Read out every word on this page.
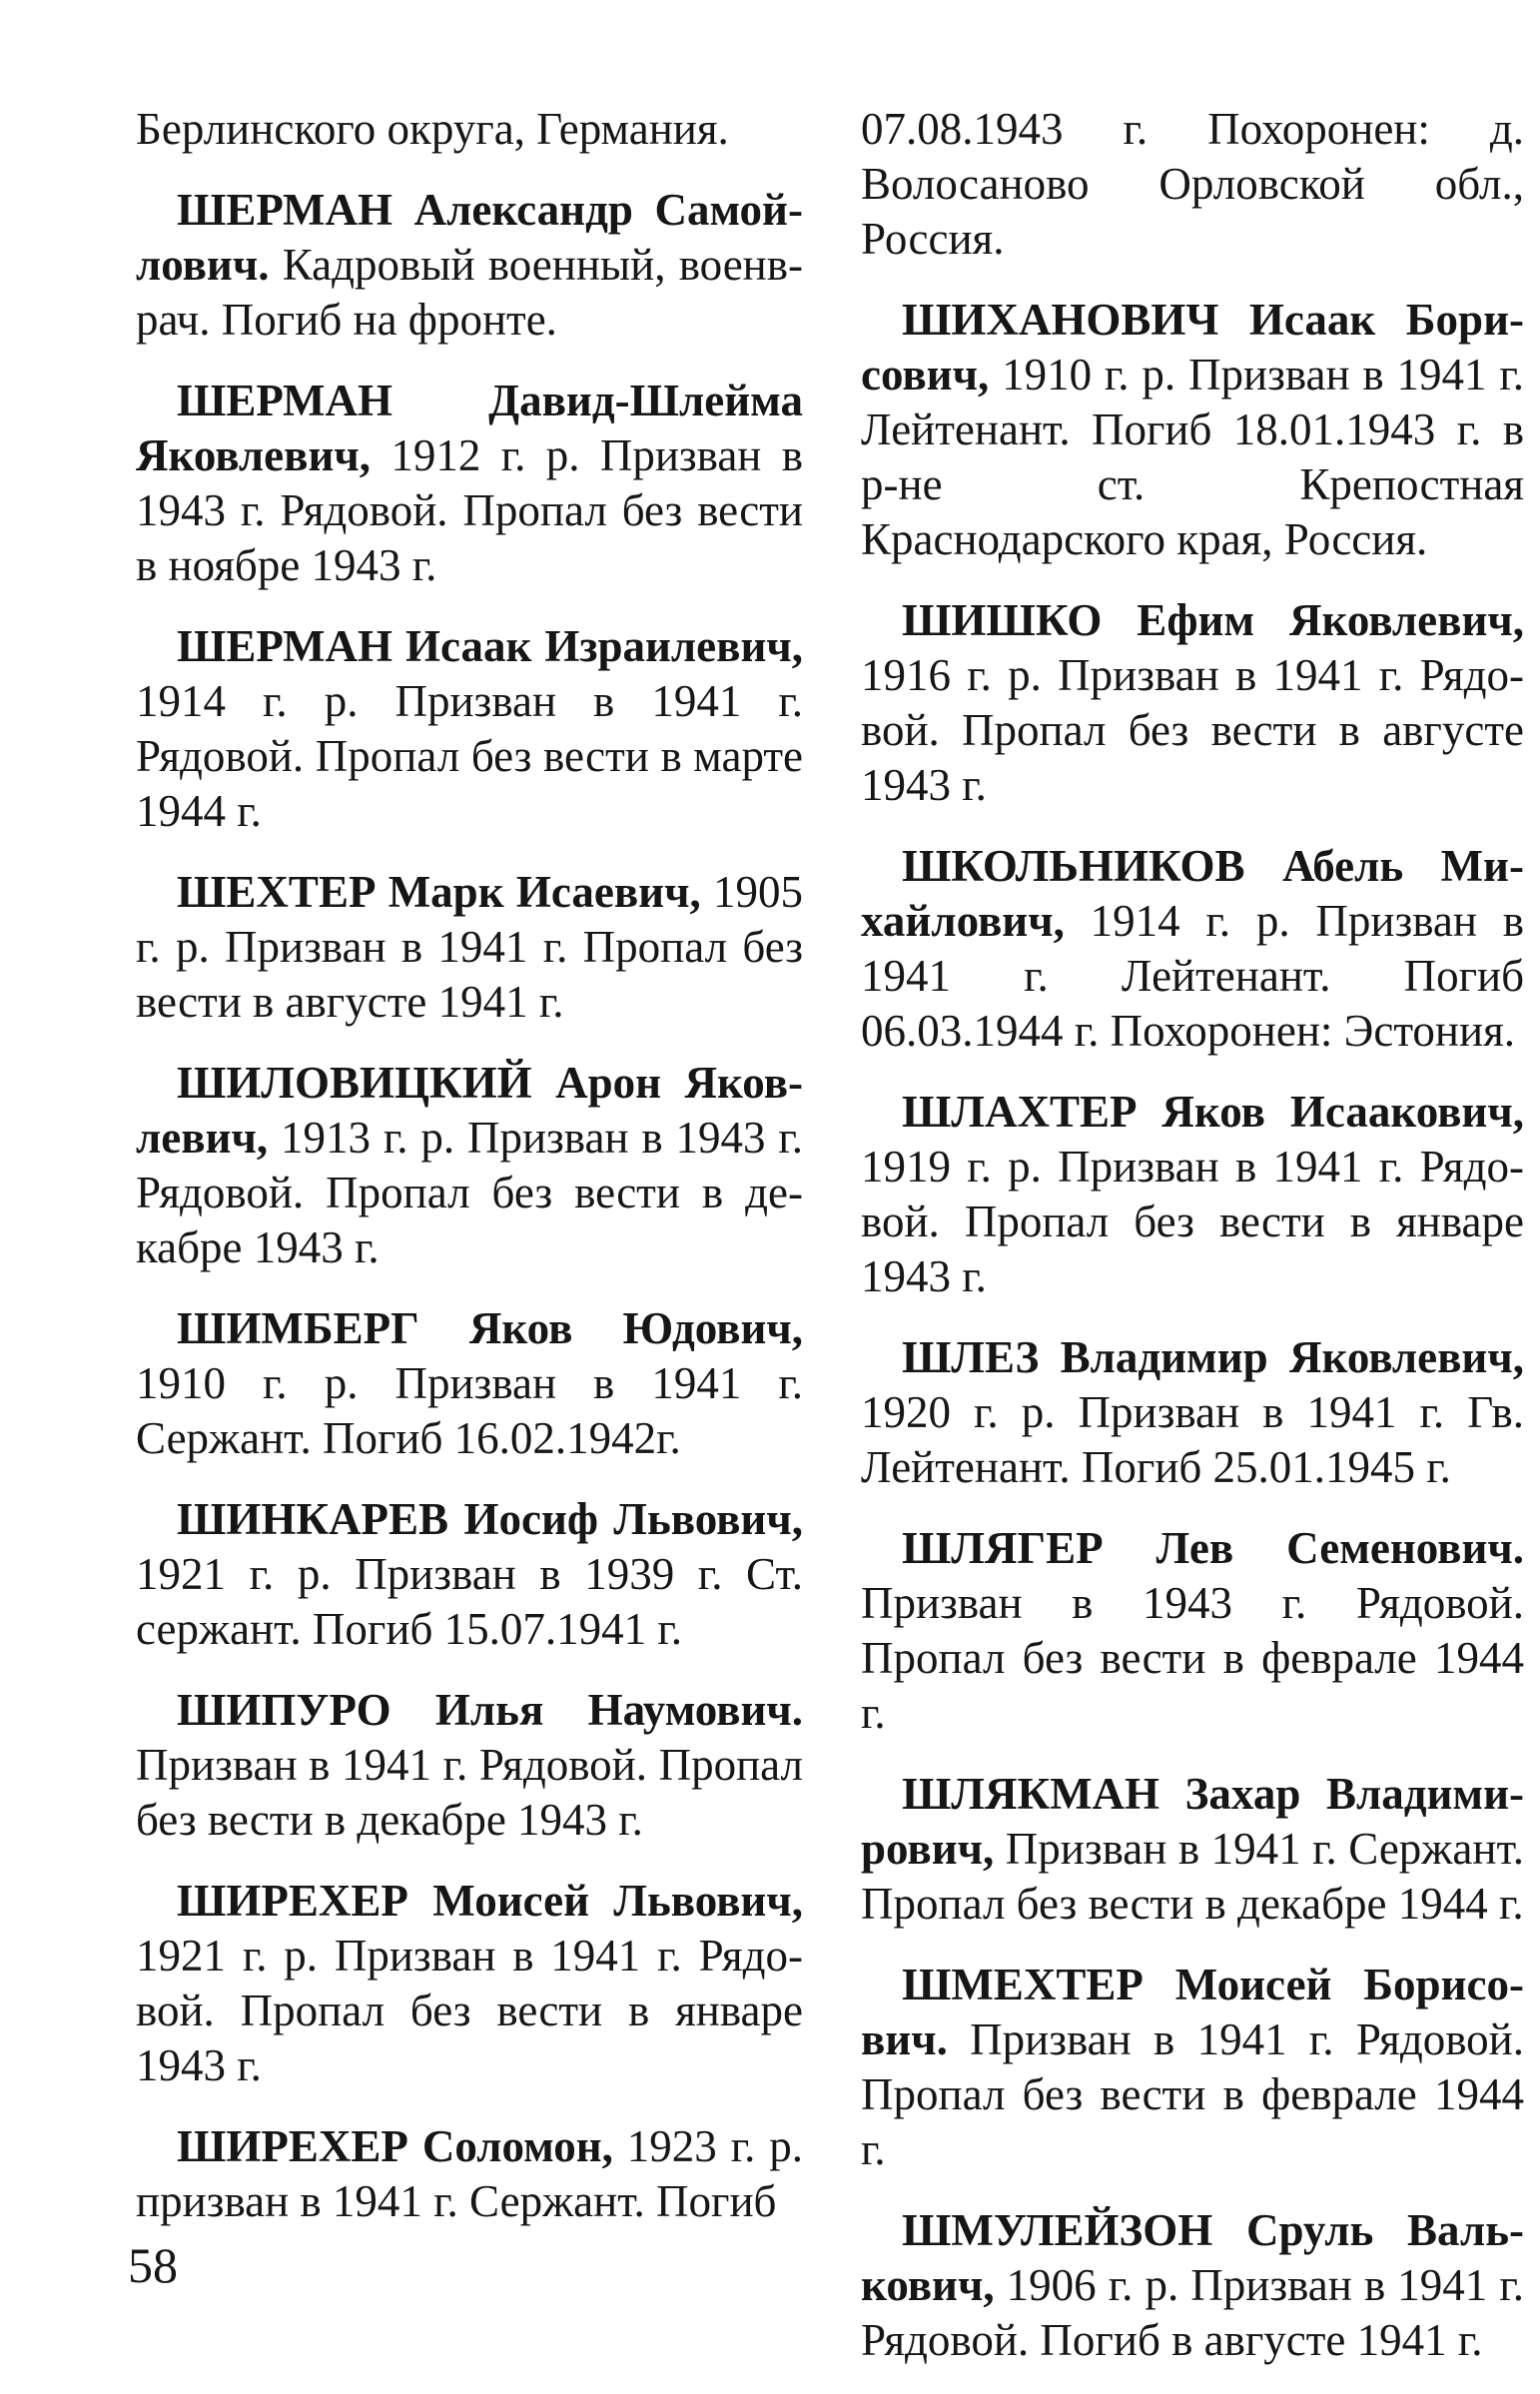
Берлинского округа, Германия.

ШЕРМАН Александр Самойлович. Кадровый военный, военврач. Погиб на фронте.

ШЕРМАН Давид-Шлейма Яковлевич, 1912 г. р. Призван в 1943 г. Рядовой. Пропал без вести в ноябре 1943 г.

ШЕРМАН Исаак Израилевич, 1914 г. р. Призван в 1941 г. Рядовой. Пропал без вести в марте 1944 г.

ШЕХТЕР Марк Исаевич, 1905 г. р. Призван в 1941 г. Пропал без вести в августе 1941 г.

ШИЛОВИЦКИЙ Арон Яковлевич, 1913 г. р. Призван в 1943 г. Рядовой. Пропал без вести в декабре 1943 г.

ШИМБЕРГ Яков Юдович, 1910 г. р. Призван в 1941 г. Сержант. Погиб 16.02.1942г.

ШИНКАРЕВ Иосиф Львович, 1921 г. р. Призван в 1939 г. Ст. сержант. Погиб 15.07.1941 г.

ШИПУРО Илья Наумович. Призван в 1941 г. Рядовой. Пропал без вести в декабре 1943 г.

ШИРЕХЕР Моисей Львович, 1921 г. р. Призван в 1941 г. Рядовой. Пропал без вести в январе 1943 г.

ШИРЕХЕР Соломон, 1923 г. р. призван в 1941 г. Сержант. Погиб

07.08.1943 г. Похоронен: д. Волосаново Орловской обл., Россия.

ШИХАНОВИЧ Исаак Борисович, 1910 г. р. Призван в 1941 г. Лейтенант. Погиб 18.01.1943 г. в р-не ст. Крепостная Краснодарского края, Россия.

ШИШКО Ефим Яковлевич, 1916 г. р. Призван в 1941 г. Рядовой. Пропал без вести в августе 1943 г.

ШКОЛЬНИКОВ Абель Михайлович, 1914 г. р. Призван в 1941 г. Лейтенант. Погиб 06.03.1944 г. Похоронен: Эстония.

ШЛАХТЕР Яков Исаакович, 1919 г. р. Призван в 1941 г. Рядовой. Пропал без вести в январе 1943 г.

ШЛЕЗ Владимир Яковлевич, 1920 г. р. Призван в 1941 г. Гв. Лейтенант. Погиб 25.01.1945 г.

ШЛЯГЕР Лев Семенович. Призван в 1943 г. Рядовой. Пропал без вести в феврале 1944 г.

ШЛЯКМАН Захар Владимирович, Призван в 1941 г. Сержант. Пропал без вести в декабре 1944 г.

ШМЕХТЕР Моисей Борисович. Призван в 1941 г. Рядовой. Пропал без вести в феврале 1944 г.

ШМУЛЕЙЗОН Сруль Валькович, 1906 г. р. Призван в 1941 г. Рядовой. Погиб в августе 1941 г.

58
